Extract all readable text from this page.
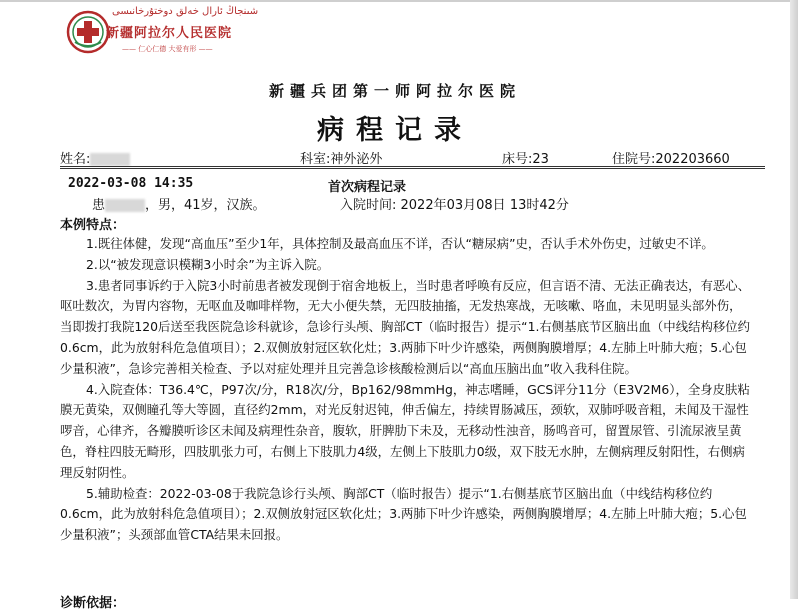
شىنجاڭ ئارال خەلق دوختۇرخانىسى
新疆阿拉尔人民医院
—— 仁心仁德 大爱有形 ——
新疆兵团第一师阿拉尔医院
病程记录
姓名:	科室:神外泌外	床号:23	住院号:202203660
2022-03-08 14:35	首次病程记录
患	，男，41岁，汉族。	入院时间: 2022年03月08日 13时42分
本例特点：

1.既往体健，发现“高血压”至少1年，具体控制及最高血压不详，否认“糖尿病”史，否认手术外伤史，过敏史不详。

2.以“被发现意识模糊3小时余”为主诉入院。

3.患者同事诉约于入院3小时前患者被发现倒于宿舍地板上，当时患者呼唤有反应，但言语不清、无法正确表达，有恶心、呕吐数次，为胃内容物，无呕血及咖啡样物，无大小便失禁，无四肢抽搐，无发热寒战，无咳嗽、咯血，未见明显头部外伤，当即拨打我院120后送至我医院急诊科就诊，急诊行头颅、胸部CT（临时报告）提示“1.右侧基底节区脑出血（中线结构移位约0.6cm，此为放射科危急值项目）；2.双侧放射冠区软化灶；3.两肺下叶少许感染，两侧胸膜增厚；4.左肺上叶肺大疱；5.心包少量积液”，急诊完善相关检查、予以对症处理并且完善急诊核酸检测后以“高血压脑出血”收入我科住院。

4.入院查体：T36.4℃，P97次/分，R18次/分，Bp162/98mmHg，神志嗜睡，GCS评分11分（E3V2M6），全身皮肤粘膜无黄染，双侧瞳孔等大等圆，直径约2mm，对光反射迟钝，伸舌偏左，持续胃肠减压，颈软，双肺呼吸音粗，未闻及干湿性啰音，心律齐，各瓣膜听诊区未闻及病理性杂音，腹软，肝脾肋下未及，无移动性浊音，肠鸣音可，留置尿管、引流尿液呈黄色，脊柱四肢无畸形，四肢肌张力可，右侧上下肢肌力4级，左侧上下肢肌力0级，双下肢无水肿，左侧病理反射阳性，右侧病理反射阴性。

5.辅助检查：2022-03-08于我院急诊行头颅、胸部CT（临时报告）提示“1.右侧基底节区脑出血（中线结构移位约0.6cm，此为放射科危急值项目）；2.双侧放射冠区软化灶；3.两肺下叶少许感染，两侧胸膜增厚；4.左肺上叶肺大疱；5.心包少量积液”；头颈部血管CTA结果未回报。

诊断依据：
